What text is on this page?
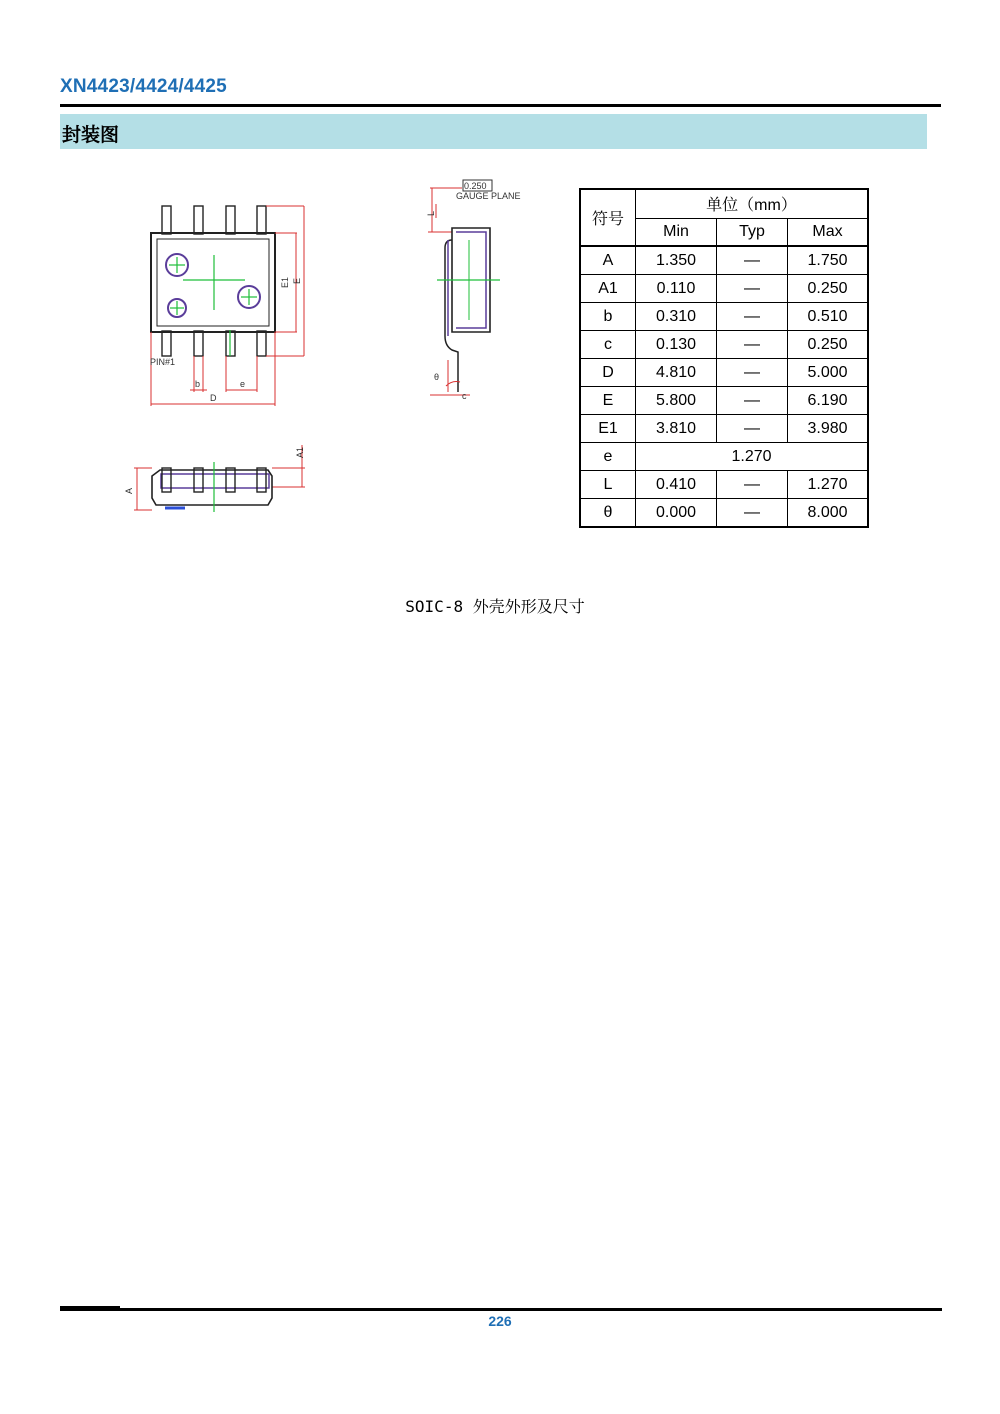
XN4423/4424/4425
封装图
PIN#1
b	e
D
E1 E
A
A1
0.250
GAUGE PLANE
L
θ
c
符号	单位（mm）		
	Min	Typ	Max
A	1.350	—	1.750
A1	0.110	—	0.250
b	0.310	—	0.510
c	0.130	—	0.250
D	4.810	—	5.000
E	5.800	—	6.190
E1	3.810	—	3.980
e	1.270		
L	0.410	—	1.270
θ	0.000	—	8.000
SOIC-8 外壳外形及尺寸
226
